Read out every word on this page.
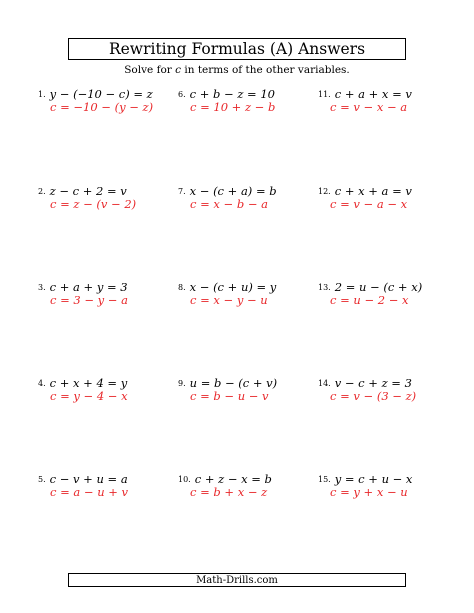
Rewriting Formulas (A) Answers
Solve for c in terms of the other variables.
1. y − (−10 − c) = z
c = −10 − (y − z)
2. z − c + 2 = v
c = z − (v − 2)
3. c + a + y = 3
c = 3 − y − a
4. c + x + 4 = y
c = y − 4 − x
5. c − v + u = a
c = a − u + v
6. c + b − z = 10
c = 10 + z − b
7. x − (c + a) = b
c = x − b − a
8. x − (c + u) = y
c = x − y − u
9. u = b − (c + v)
c = b − u − v
10. c + z − x = b
c = b + x − z
11. c + a + x = v
c = v − x − a
12. c + x + a = v
c = v − a − x
13. 2 = u − (c + x)
c = u − 2 − x
14. v − c + z = 3
c = v − (3 − z)
15. y = c + u − x
c = y + x − u
Math-Drills.com
